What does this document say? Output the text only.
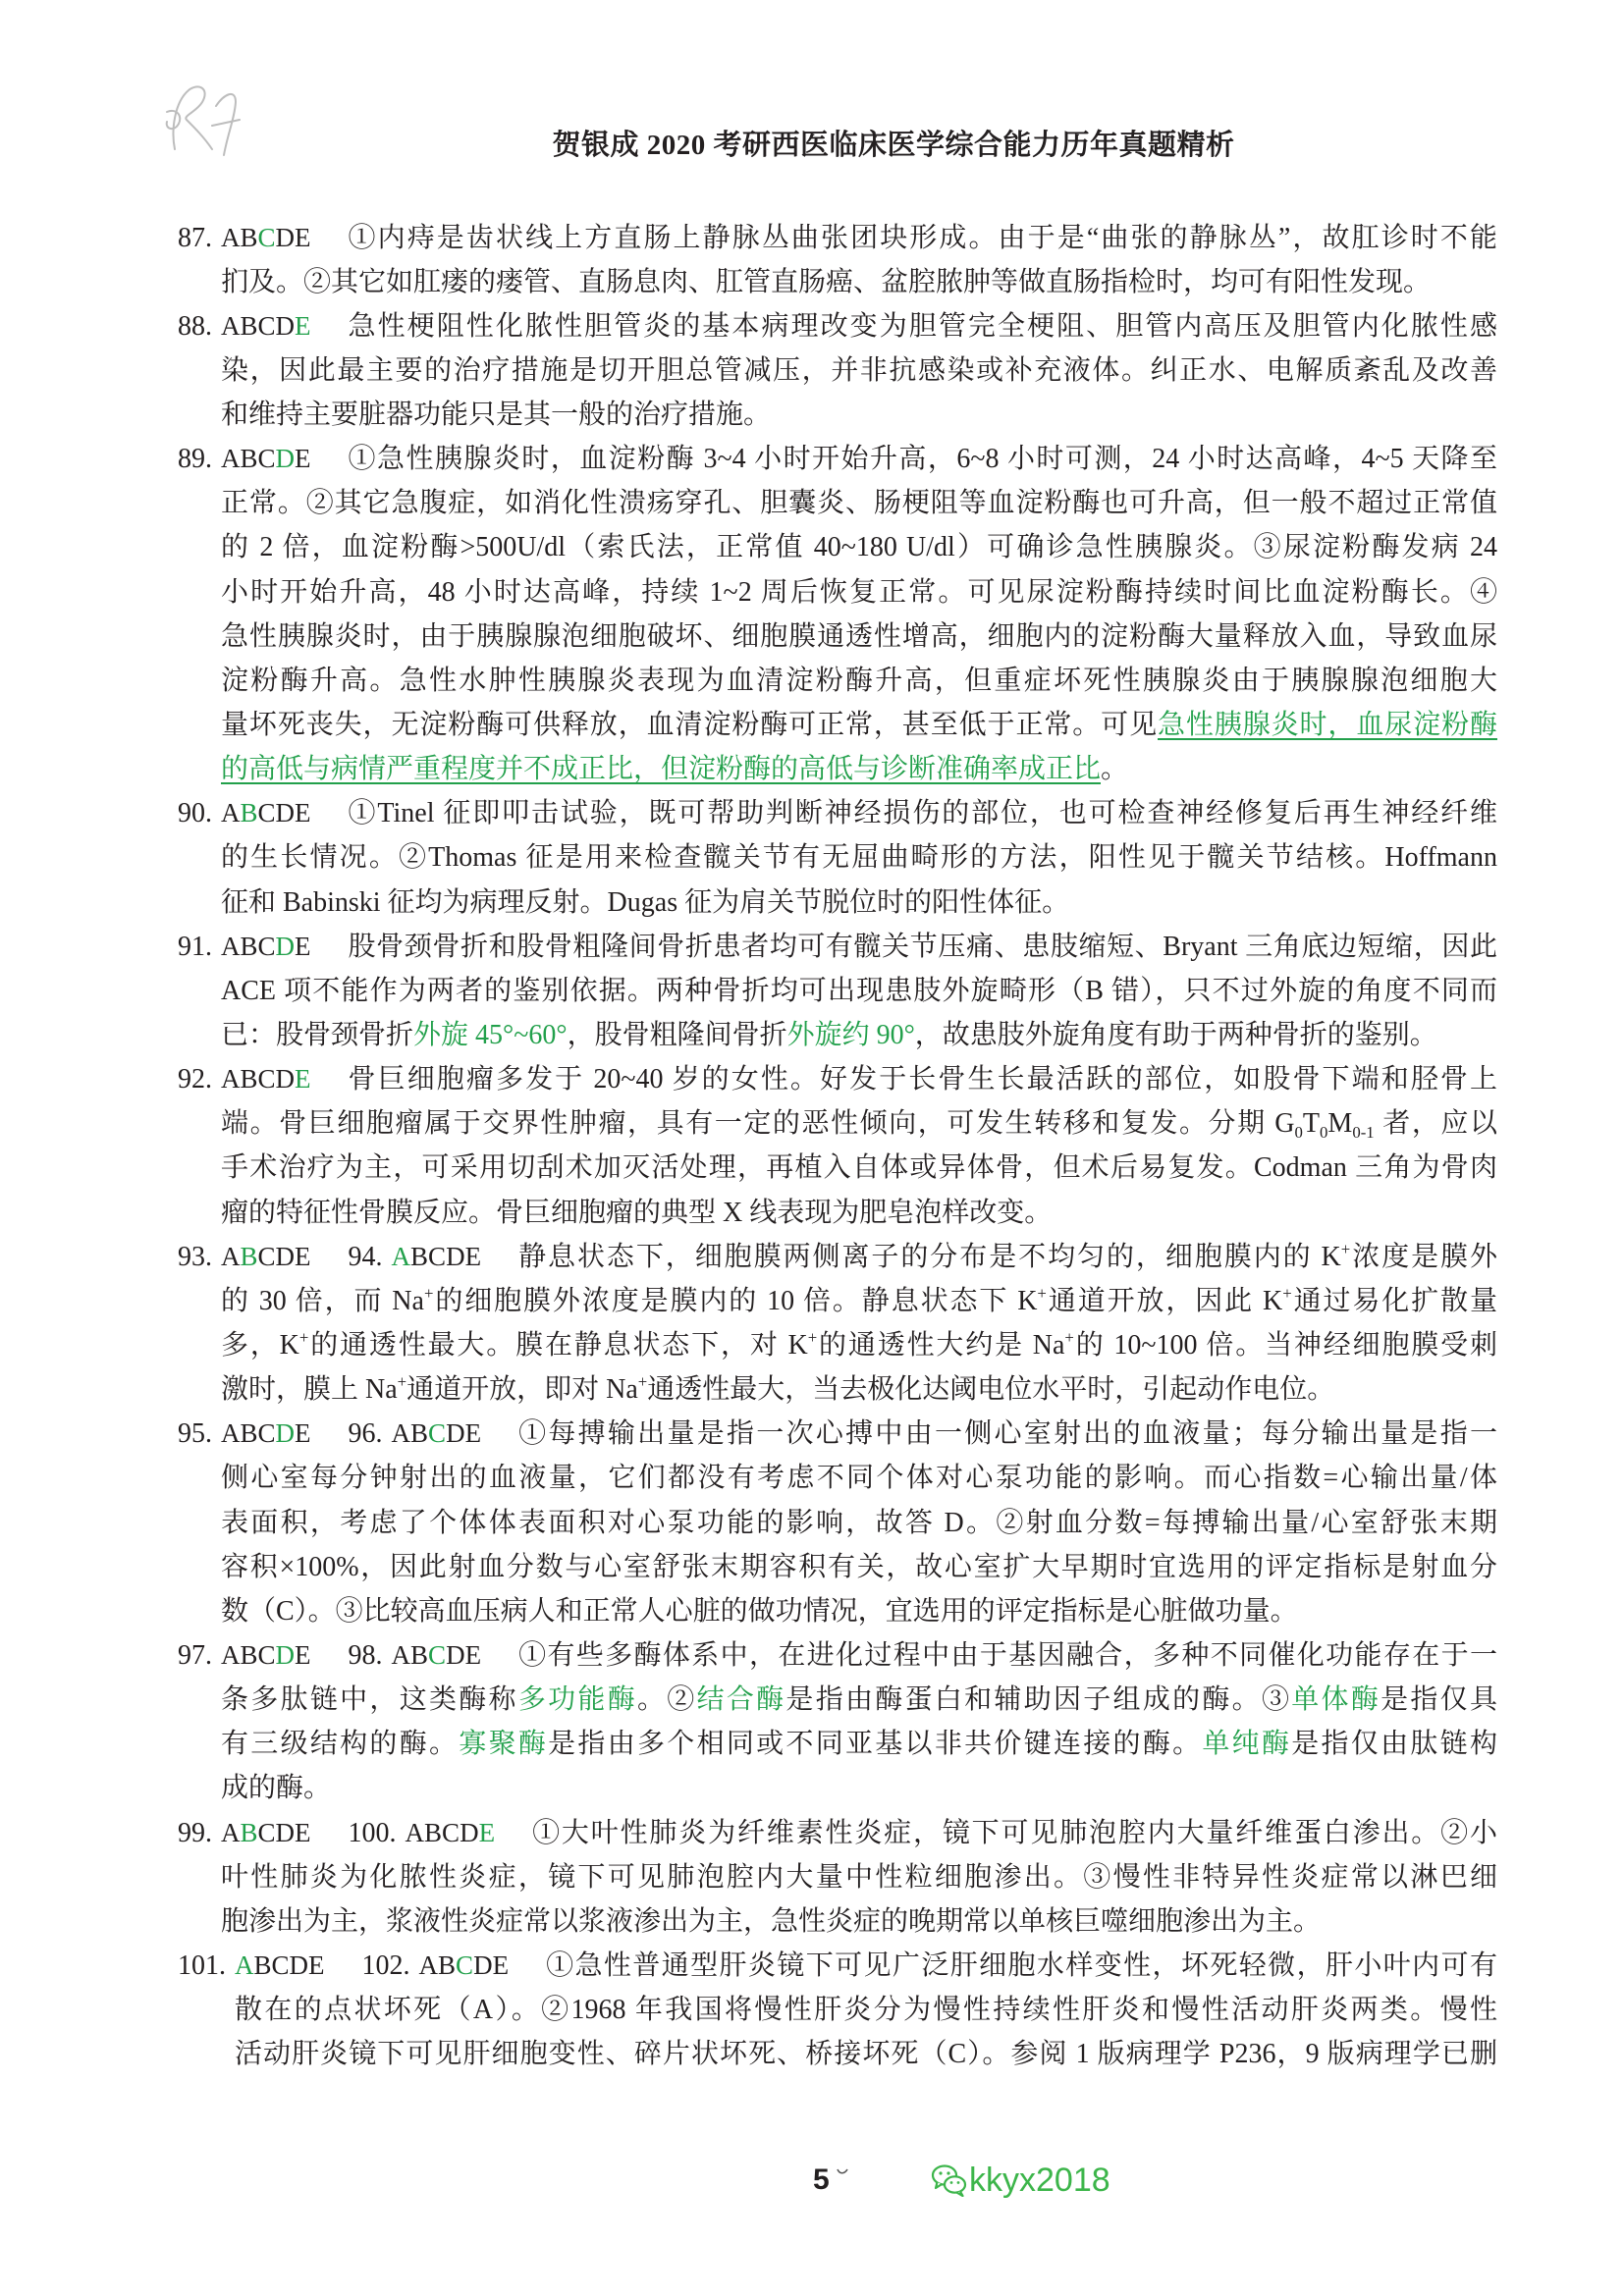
贺银成 2020 考研西医临床医学综合能力历年真题精析
87. ABCDE ①内痔是齿状线上方直肠上静脉丛曲张团块形成。由于是“曲张的静脉丛”，故肛诊时不能
扪及。②其它如肛瘘的瘘管、直肠息肉、肛管直肠癌、盆腔脓肿等做直肠指检时，均可有阳性发现。
88. ABCDE 急性梗阻性化脓性胆管炎的基本病理改变为胆管完全梗阻、胆管内高压及胆管内化脓性感
染，因此最主要的治疗措施是切开胆总管减压，并非抗感染或补充液体。纠正水、电解质紊乱及改善
和维持主要脏器功能只是其一般的治疗措施。
89. ABCDE ①急性胰腺炎时，血淀粉酶 3~4 小时开始升高，6~8 小时可测，24 小时达高峰，4~5 天降至
正常。②其它急腹症，如消化性溃疡穿孔、胆囊炎、肠梗阻等血淀粉酶也可升高，但一般不超过正常值
的 2 倍，血淀粉酶>500U/dl（索氏法，正常值 40~180 U/dl）可确诊急性胰腺炎。③尿淀粉酶发病 24
小时开始升高，48 小时达高峰，持续 1~2 周后恢复正常。可见尿淀粉酶持续时间比血淀粉酶长。④
急性胰腺炎时，由于胰腺腺泡细胞破坏、细胞膜通透性增高，细胞内的淀粉酶大量释放入血，导致血尿
淀粉酶升高。急性水肿性胰腺炎表现为血清淀粉酶升高，但重症坏死性胰腺炎由于胰腺腺泡细胞大
量坏死丧失，无淀粉酶可供释放，血清淀粉酶可正常，甚至低于正常。可见急性胰腺炎时，血尿淀粉酶
的高低与病情严重程度并不成正比，但淀粉酶的高低与诊断准确率成正比。
90. ABCDE ①Tinel 征即叩击试验，既可帮助判断神经损伤的部位，也可检查神经修复后再生神经纤维
的生长情况。②Thomas 征是用来检查髋关节有无屈曲畸形的方法，阳性见于髋关节结核。Hoffmann
征和 Babinski 征均为病理反射。Dugas 征为肩关节脱位时的阳性体征。
91. ABCDE 股骨颈骨折和股骨粗隆间骨折患者均可有髋关节压痛、患肢缩短、Bryant 三角底边短缩，因此
ACE 项不能作为两者的鉴别依据。两种骨折均可出现患肢外旋畸形（B 错），只不过外旋的角度不同而
已：股骨颈骨折外旋 45°~60°，股骨粗隆间骨折外旋约 90°，故患肢外旋角度有助于两种骨折的鉴别。
92. ABCDE 骨巨细胞瘤多发于 20~40 岁的女性。好发于长骨生长最活跃的部位，如股骨下端和胫骨上
端。骨巨细胞瘤属于交界性肿瘤，具有一定的恶性倾向，可发生转移和复发。分期 $G_0T_0M_{0-1}$ 者，应以
手术治疗为主，可采用切刮术加灭活处理，再植入自体或异体骨，但术后易复发。Codman 三角为骨肉
瘤的特征性骨膜反应。骨巨细胞瘤的典型 X 线表现为肥皂泡样改变。
93. ABCDE 94. ABCDE 静息状态下，细胞膜两侧离子的分布是不均匀的，细胞膜内的 K+浓度是膜外
的 30 倍，而 Na+的细胞膜外浓度是膜内的 10 倍。静息状态下 K+通道开放，因此 K+通过易化扩散量
多，K+的通透性最大。膜在静息状态下，对 K+的通透性大约是 Na+的 10~100 倍。当神经细胞膜受刺
激时，膜上 Na+通道开放，即对 Na+通透性最大，当去极化达阈电位水平时，引起动作电位。
95. ABCDE 96. ABCDE ①每搏输出量是指一次心搏中由一侧心室射出的血液量；每分输出量是指一
侧心室每分钟射出的血液量，它们都没有考虑不同个体对心泵功能的影响。而心指数=心输出量/体
表面积，考虑了个体体表面积对心泵功能的影响，故答 D。②射血分数=每搏输出量/心室舒张末期
容积×100%，因此射血分数与心室舒张末期容积有关，故心室扩大早期时宜选用的评定指标是射血分
数（C）。③比较高血压病人和正常人心脏的做功情况，宜选用的评定指标是心脏做功量。
97. ABCDE 98. ABCDE ①有些多酶体系中，在进化过程中由于基因融合，多种不同催化功能存在于一
条多肽链中，这类酶称多功能酶。②结合酶是指由酶蛋白和辅助因子组成的酶。③单体酶是指仅具
有三级结构的酶。寡聚酶是指由多个相同或不同亚基以非共价键连接的酶。单纯酶是指仅由肽链构
成的酶。
99. ABCDE 100. ABCDE ①大叶性肺炎为纤维素性炎症，镜下可见肺泡腔内大量纤维蛋白渗出。②小
叶性肺炎为化脓性炎症，镜下可见肺泡腔内大量中性粒细胞渗出。③慢性非特异性炎症常以淋巴细
胞渗出为主，浆液性炎症常以浆液渗出为主，急性炎症的晚期常以单核巨噬细胞渗出为主。
101. ABCDE 102. ABCDE ①急性普通型肝炎镜下可见广泛肝细胞水样变性，坏死轻微，肝小叶内可有
散在的点状坏死（A）。②1968 年我国将慢性肝炎分为慢性持续性肝炎和慢性活动肝炎两类。慢性
活动肝炎镜下可见肝细胞变性、碎片状坏死、桥接坏死（C）。参阅 1 版病理学 P236，9 版病理学已删
5	kkyx2018
